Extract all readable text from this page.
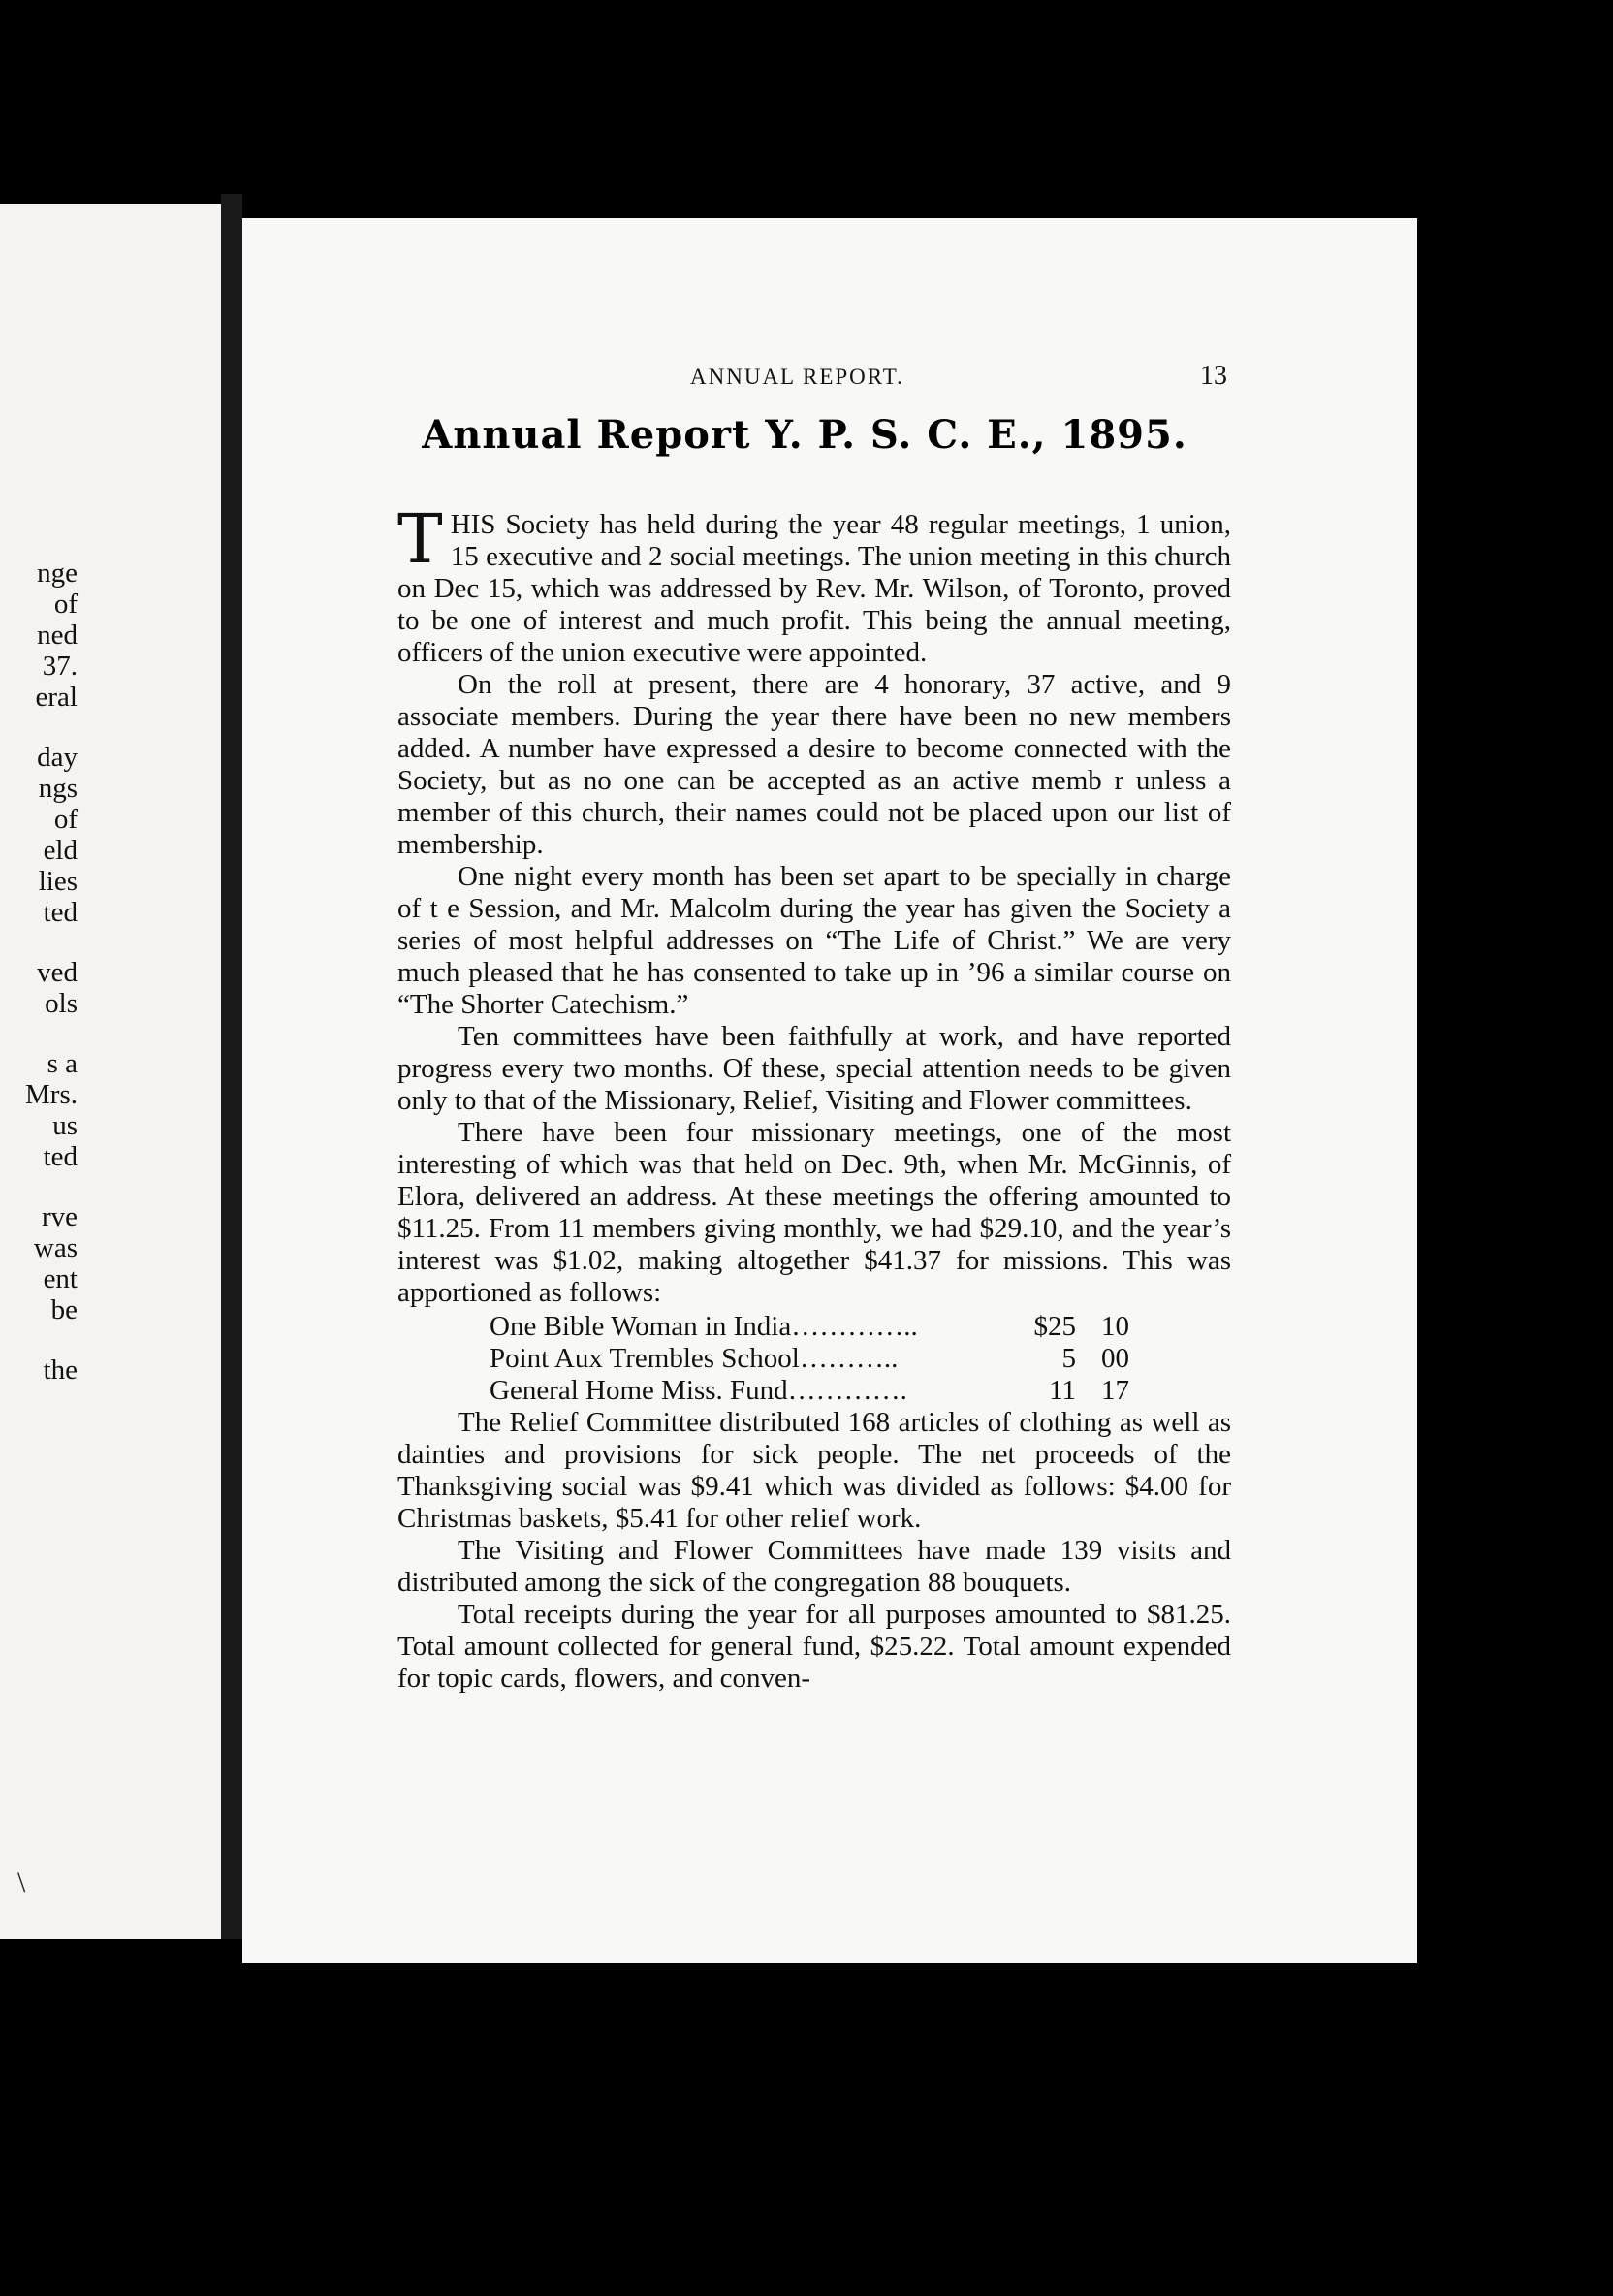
nge
of
ned
37.
eral
day
ngs
of
eld
lies
ted
ved
ols
s a
Mrs.
us
ted
rve
was
ent
be
the
ANNUAL REPORT.	13
Annual Report Y. P. S. C. E., 1895.

THIS Society has held during the year 48 regular meetings, 1 union, 15 executive and 2 social meetings. The union meeting in this church on Dec 15, which was addressed by Rev. Mr. Wilson, of Toronto, proved to be one of interest and much profit. This being the annual meeting, officers of the union executive were appointed.

On the roll at present, there are 4 honorary, 37 active, and 9 associate members. During the year there have been no new members added. A number have expressed a desire to become connected with the Society, but as no one can be accepted as an active memb r unless a member of this church, their names could not be placed upon our list of membership.

One night every month has been set apart to be specially in charge of t e Session, and Mr. Malcolm during the year has given the Society a series of most helpful addresses on “The Life of Christ.” We are very much pleased that he has consented to take up in ’96 a similar course on “The Shorter Catechism.”

Ten committees have been faithfully at work, and have reported progress every two months. Of these, special attention needs to be given only to that of the Missionary, Relief, Visiting and Flower committees.

There have been four missionary meetings, one of the most interesting of which was that held on Dec. 9th, when Mr. McGinnis, of Elora, delivered an address. At these meetings the offering amounted to $11.25. From 11 members giving monthly, we had $29.10, and the year’s interest was $1.02, making altogether $41.37 for missions. This was apportioned as follows:

One Bible Woman in India…………..	$25 10
Point Aux Trembles School………..	5 00
General Home Miss. Fund………….	11 17

The Relief Committee distributed 168 articles of clothing as well as dainties and provisions for sick people. The net proceeds of the Thanksgiving social was $9.41 which was divided as follows: $4.00 for Christmas baskets, $5.41 for other relief work.

The Visiting and Flower Committees have made 139 visits and distributed among the sick of the congregation 88 bouquets.

Total receipts during the year for all purposes amounted to $81.25. Total amount collected for general fund, $25.22. Total amount expended for topic cards, flowers, and conven-

\
